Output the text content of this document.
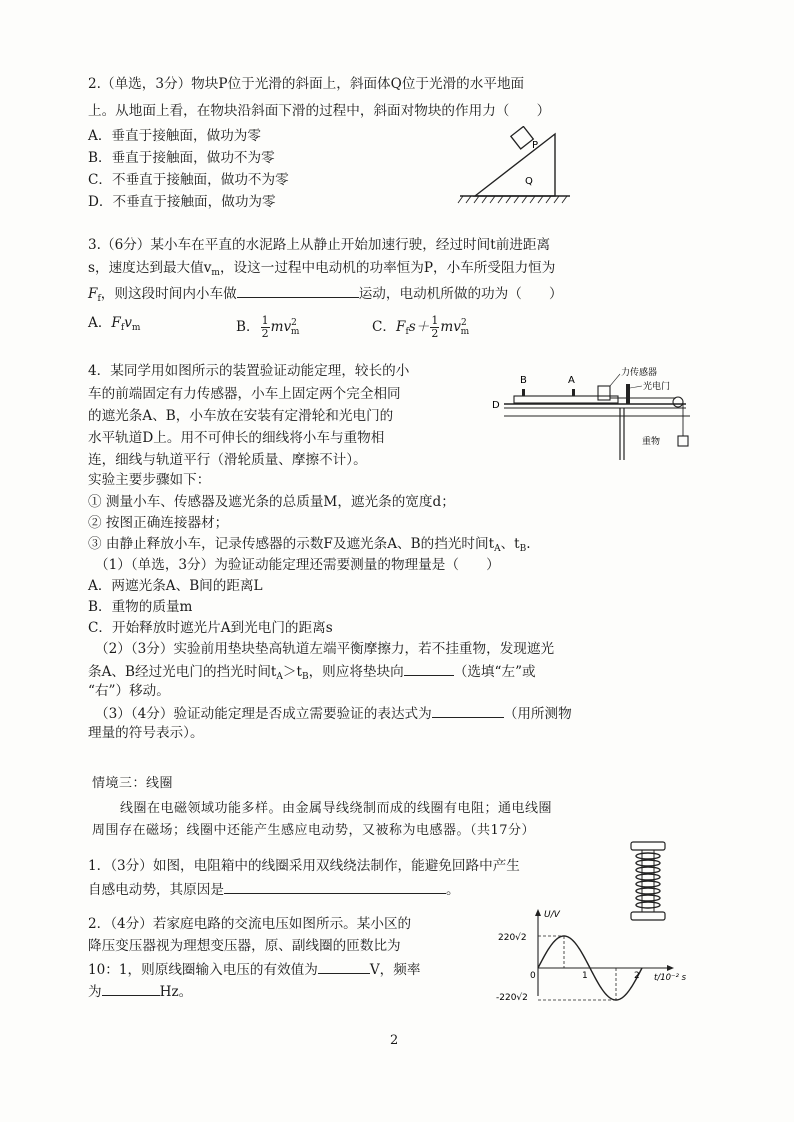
2.（单选，3分）物块P位于光滑的斜面上，斜面体Q位于光滑的水平地面
上。从地面上看，在物块沿斜面下滑的过程中，斜面对物块的作用力（　　）
A．垂直于接触面，做功为零
B．垂直于接触面，做功不为零
C．不垂直于接触面，做功不为零
D．不垂直于接触面，做功为零
P
Q
3.（6分）某小车在平直的水泥路上从静止开始加速行驶，经过时间t前进距离
s，速度达到最大值$v_m$，设这一过程中电动机的功率恒为P，小车所受阻力恒为
$F_f$，则这段时间内小车做	运动，电动机所做的功为（　　）
A．$F_fv_m$	B． $\frac{1}{2} mv^2_m$	C．$F_fs+ \frac{1}{2} mv^2_m$
4．某同学用如图所示的装置验证动能定理，较长的小
车的前端固定有力传感器，小车上固定两个完全相同
的遮光条A、B，小车放在安装有定滑轮和光电门的
水平轨道D上。用不可伸长的细线将小车与重物相
连，细线与轨道平行（滑轮质量、摩擦不计）。
实验主要步骤如下：
B	A
力传感器
光电门
D
重物
① 测量小车、传感器及遮光条的总质量M，遮光条的宽度d；
② 按图正确连接器材；
③ 由静止释放小车，记录传感器的示数F及遮光条A、B的挡光时间$t_A$、$t_B$.
（1）（单选，3分）为验证动能定理还需要测量的物理量是（　　）
A．两遮光条A、B间的距离L
B．重物的质量m
C．开始释放时遮光片A到光电门的距离s
（2）（3分）实验前用垫块垫高轨道左端平衡摩擦力，若不挂重物，发现遮光
条A、B经过光电门的挡光时间$t_A>t_B$，则应将垫块向	（选填“左”或
“右”）移动。
（3）（4分）验证动能定理是否成立需要验证的表达式为	（用所测物
理量的符号表示）。
情境三：线圈
线圈在电磁领域功能多样。由金属导线绕制而成的线圈有电阻；通电线圈
周围存在磁场；线圈中还能产生感应电动势，又被称为电感器。（共17分）
1．（3分）如图，电阻箱中的线圈采用双线绕法制作，能避免回路中产生
自感电动势，其原因是	。
2．（4分）若家庭电路的交流电压如图所示。某小区的
降压变压器视为理想变压器，原、副线圈的匝数比为
10：1，则原线圈输入电压的有效值为	V，频率
为	Hz。
U/V
220√2
-220√2
0	1	2 t/10⁻² s
2
